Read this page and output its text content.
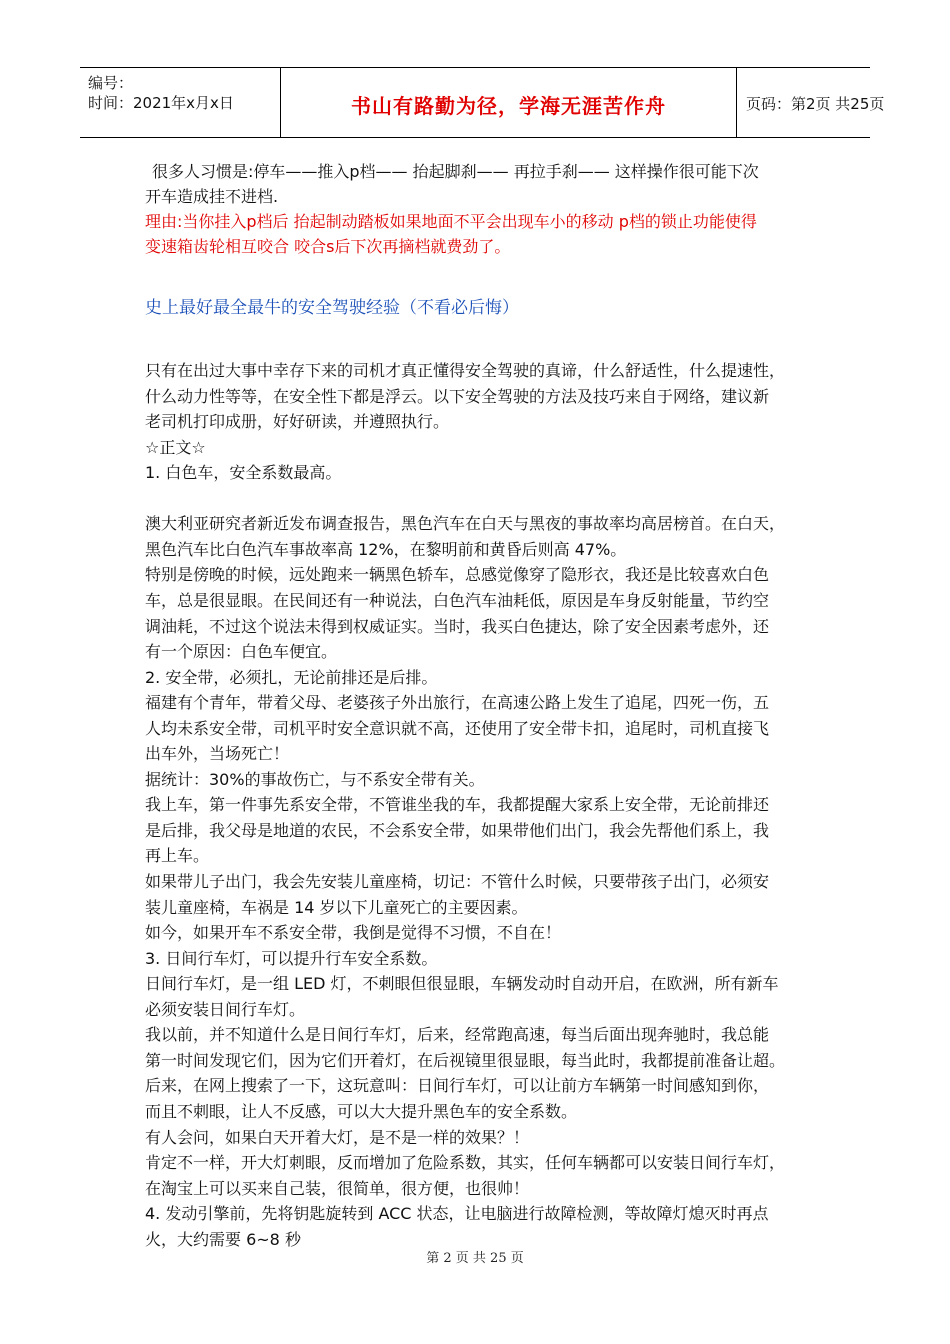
编号：
时间：2021年x月x日	书山有路勤为径，学海无涯苦作舟	页码：第2页 共25页
很多人习惯是:停车——推入p档—— 抬起脚刹—— 再拉手刹—— 这样操作很可能下次
开车造成挂不进档.
理由:当你挂入p档后 抬起制动踏板如果地面不平会出现车小的移动 p档的锁止功能使得
变速箱齿轮相互咬合 咬合s后下次再摘档就费劲了。
史上最好最全最牛的安全驾驶经验（不看必后悔）
只有在出过大事中幸存下来的司机才真正懂得安全驾驶的真谛，什么舒适性，什么提速性，
什么动力性等等，在安全性下都是浮云。以下安全驾驶的方法及技巧来自于网络，建议新
老司机打印成册，好好研读，并遵照执行。
☆正文☆
1. 白色车，安全系数最高。
澳大利亚研究者新近发布调查报告，黑色汽车在白天与黑夜的事故率均高居榜首。在白天，
黑色汽车比白色汽车事故率高 12%，在黎明前和黄昏后则高 47%。
特别是傍晚的时候，远处跑来一辆黑色轿车，总感觉像穿了隐形衣，我还是比较喜欢白色
车，总是很显眼。在民间还有一种说法，白色汽车油耗低，原因是车身反射能量，节约空
调油耗，不过这个说法未得到权威证实。当时，我买白色捷达，除了安全因素考虑外，还
有一个原因：白色车便宜。
2. 安全带，必须扎，无论前排还是后排。
福建有个青年，带着父母、老婆孩子外出旅行，在高速公路上发生了追尾，四死一伤，五
人均未系安全带，司机平时安全意识就不高，还使用了安全带卡扣，追尾时，司机直接飞
出车外，当场死亡！
据统计：30%的事故伤亡，与不系安全带有关。
我上车，第一件事先系安全带，不管谁坐我的车，我都提醒大家系上安全带，无论前排还
是后排，我父母是地道的农民，不会系安全带，如果带他们出门，我会先帮他们系上，我
再上车。
如果带儿子出门，我会先安装儿童座椅，切记：不管什么时候，只要带孩子出门，必须安
装儿童座椅，车祸是 14 岁以下儿童死亡的主要因素。
如今，如果开车不系安全带，我倒是觉得不习惯，不自在！
3. 日间行车灯，可以提升行车安全系数。
日间行车灯，是一组 LED 灯，不刺眼但很显眼，车辆发动时自动开启，在欧洲，所有新车
必须安装日间行车灯。
我以前，并不知道什么是日间行车灯，后来，经常跑高速，每当后面出现奔驰时，我总能
第一时间发现它们，因为它们开着灯，在后视镜里很显眼，每当此时，我都提前准备让超。
后来，在网上搜索了一下，这玩意叫：日间行车灯，可以让前方车辆第一时间感知到你，
而且不刺眼，让人不反感，可以大大提升黑色车的安全系数。
有人会问，如果白天开着大灯，是不是一样的效果？！
肯定不一样，开大灯刺眼，反而增加了危险系数，其实，任何车辆都可以安装日间行车灯，
在淘宝上可以买来自己装，很简单，很方便，也很帅！
4. 发动引擎前，先将钥匙旋转到 ACC 状态，让电脑进行故障检测，等故障灯熄灭时再点
火，大约需要 6~8 秒
第 2 页 共 25 页
